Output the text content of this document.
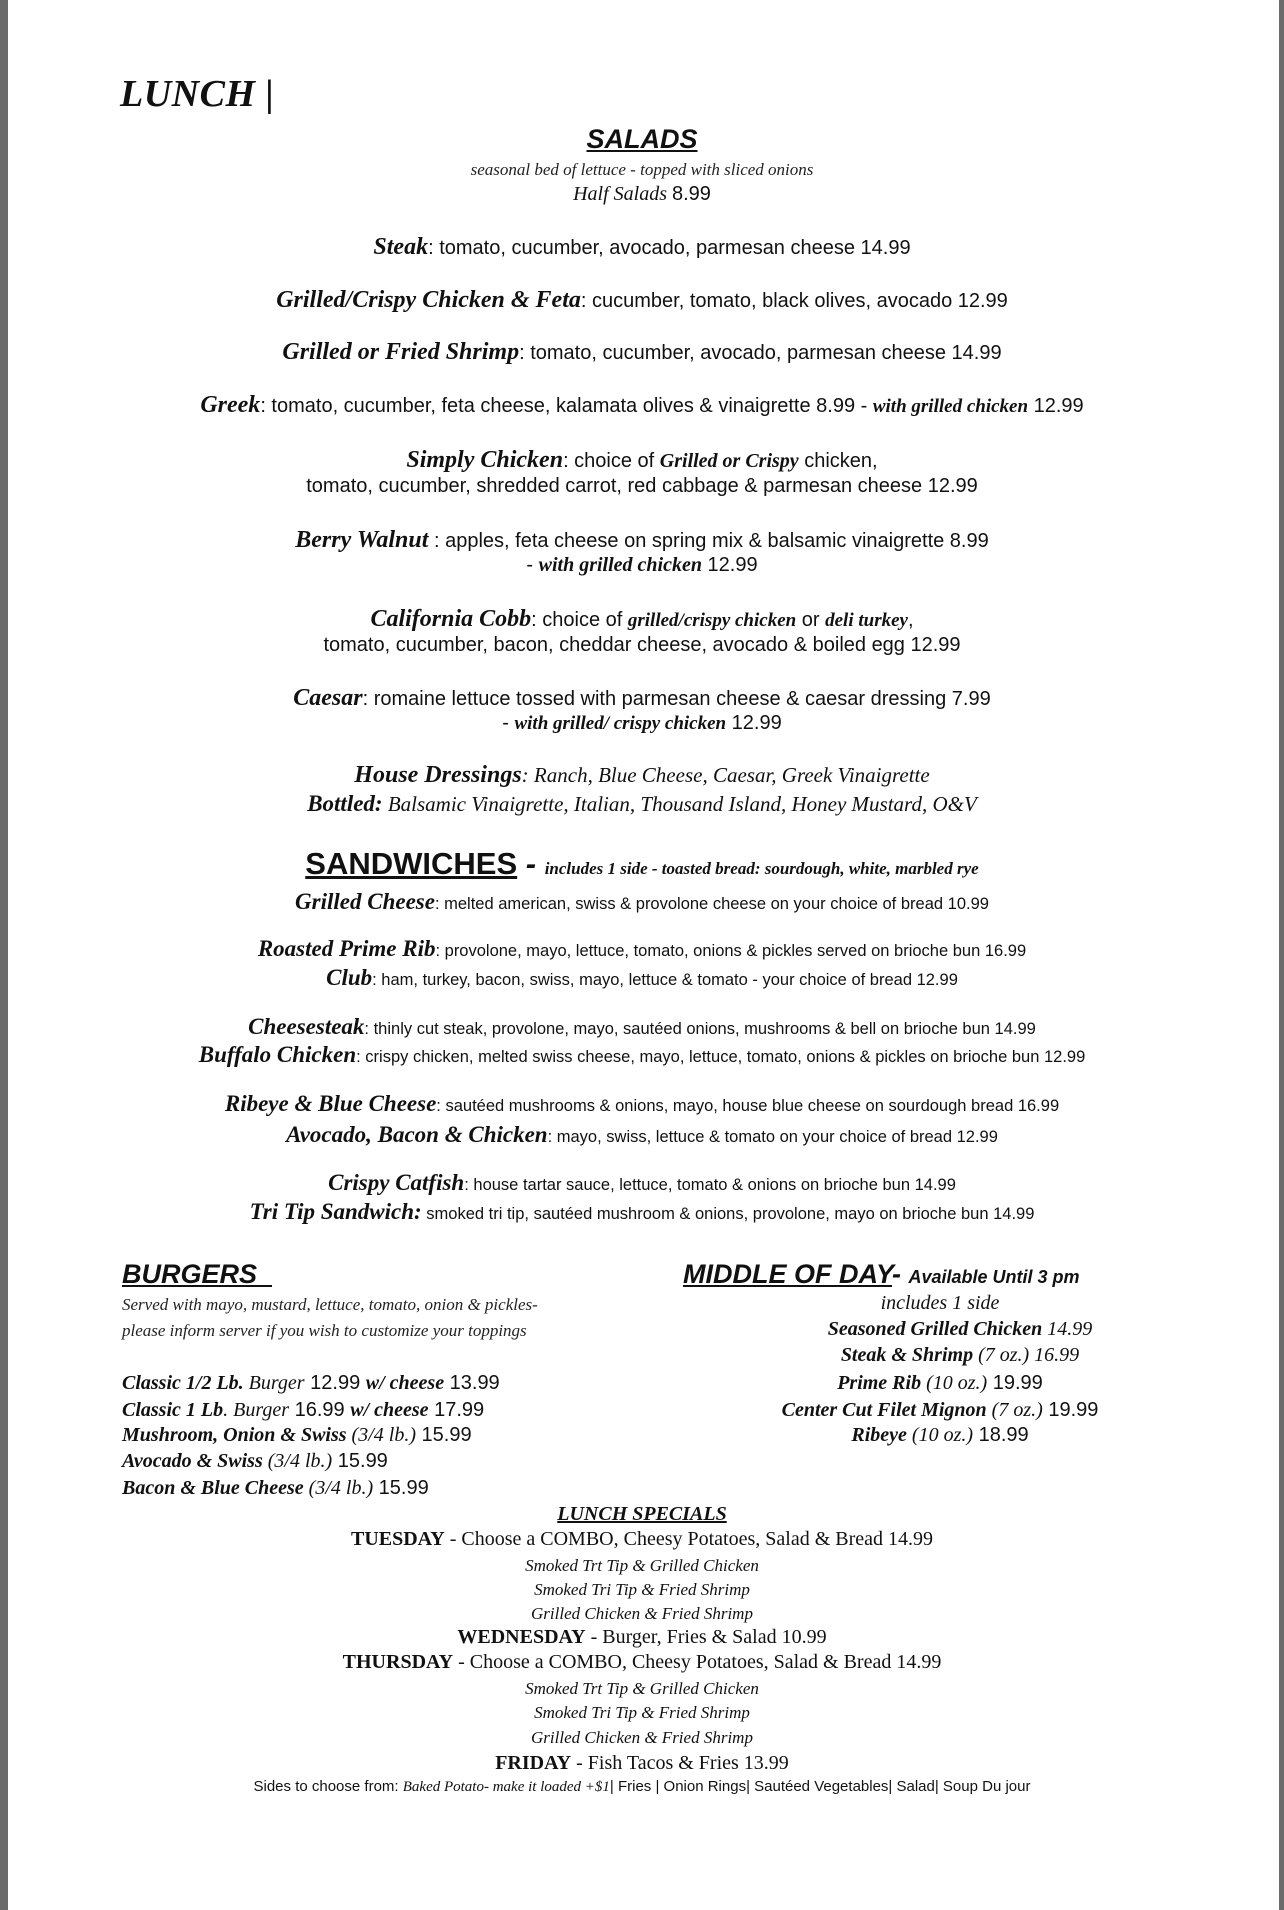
LUNCH |
SALADS
seasonal bed of lettuce - topped with sliced onions
Half Salads 8.99
Steak: tomato, cucumber, avocado, parmesan cheese 14.99
Grilled/Crispy Chicken & Feta: cucumber, tomato, black olives, avocado 12.99
Grilled or Fried Shrimp: tomato, cucumber, avocado, parmesan cheese 14.99
Greek: tomato, cucumber, feta cheese, kalamata olives & vinaigrette 8.99 - with grilled chicken 12.99
Simply Chicken: choice of Grilled or Crispy chicken,
tomato, cucumber, shredded carrot, red cabbage & parmesan cheese 12.99
Berry Walnut : apples, feta cheese on spring mix & balsamic vinaigrette 8.99
- with grilled chicken 12.99
California Cobb: choice of grilled/crispy chicken or deli turkey,
tomato, cucumber, bacon, cheddar cheese, avocado & boiled egg 12.99
Caesar: romaine lettuce tossed with parmesan cheese & caesar dressing 7.99
- with grilled/ crispy chicken 12.99
House Dressings: Ranch, Blue Cheese, Caesar, Greek Vinaigrette
Bottled: Balsamic Vinaigrette, Italian, Thousand Island, Honey Mustard, O&V
SANDWICHES - includes 1 side - toasted bread: sourdough, white, marbled rye
Grilled Cheese: melted american, swiss & provolone cheese on your choice of bread 10.99
Roasted Prime Rib: provolone, mayo, lettuce, tomato, onions & pickles served on brioche bun 16.99
Club: ham, turkey, bacon, swiss, mayo, lettuce & tomato - your choice of bread 12.99
Cheesesteak: thinly cut steak, provolone, mayo, sautéed onions, mushrooms & bell on brioche bun 14.99
Buffalo Chicken: crispy chicken, melted swiss cheese, mayo, lettuce, tomato, onions & pickles on brioche bun 12.99
Ribeye & Blue Cheese: sautéed mushrooms & onions, mayo, house blue cheese on sourdough bread 16.99
Avocado, Bacon & Chicken: mayo, swiss, lettuce & tomato on your choice of bread 12.99
Crispy Catfish: house tartar sauce, lettuce, tomato & onions on brioche bun 14.99
Tri Tip Sandwich: smoked tri tip, sautéed mushroom & onions, provolone, mayo on brioche bun 14.99
BURGERS
Served with mayo, mustard, lettuce, tomato, onion & pickles-
please inform server if you wish to customize your toppings
Classic 1/2 Lb. Burger 12.99 w/ cheese 13.99
Classic 1 Lb. Burger 16.99 w/ cheese 17.99
Mushroom, Onion & Swiss (3/4 lb.) 15.99
Avocado & Swiss (3/4 lb.) 15.99
Bacon & Blue Cheese (3/4 lb.) 15.99
MIDDLE OF DAY- Available Until 3 pm
includes 1 side
Seasoned Grilled Chicken 14.99
Steak & Shrimp (7 oz.) 16.99
Prime Rib (10 oz.) 19.99
Center Cut Filet Mignon (7 oz.) 19.99
Ribeye (10 oz.) 18.99
LUNCH SPECIALS
TUESDAY - Choose a COMBO, Cheesy Potatoes, Salad & Bread 14.99
Smoked Trt Tip & Grilled Chicken
Smoked Tri Tip & Fried Shrimp
Grilled Chicken & Fried Shrimp
WEDNESDAY - Burger, Fries & Salad 10.99
THURSDAY - Choose a COMBO, Cheesy Potatoes, Salad & Bread 14.99
Smoked Trt Tip & Grilled Chicken
Smoked Tri Tip & Fried Shrimp
Grilled Chicken & Fried Shrimp
FRIDAY - Fish Tacos & Fries 13.99
Sides to choose from: Baked Potato- make it loaded +$1| Fries | Onion Rings| Sautéed Vegetables| Salad| Soup Du jour
